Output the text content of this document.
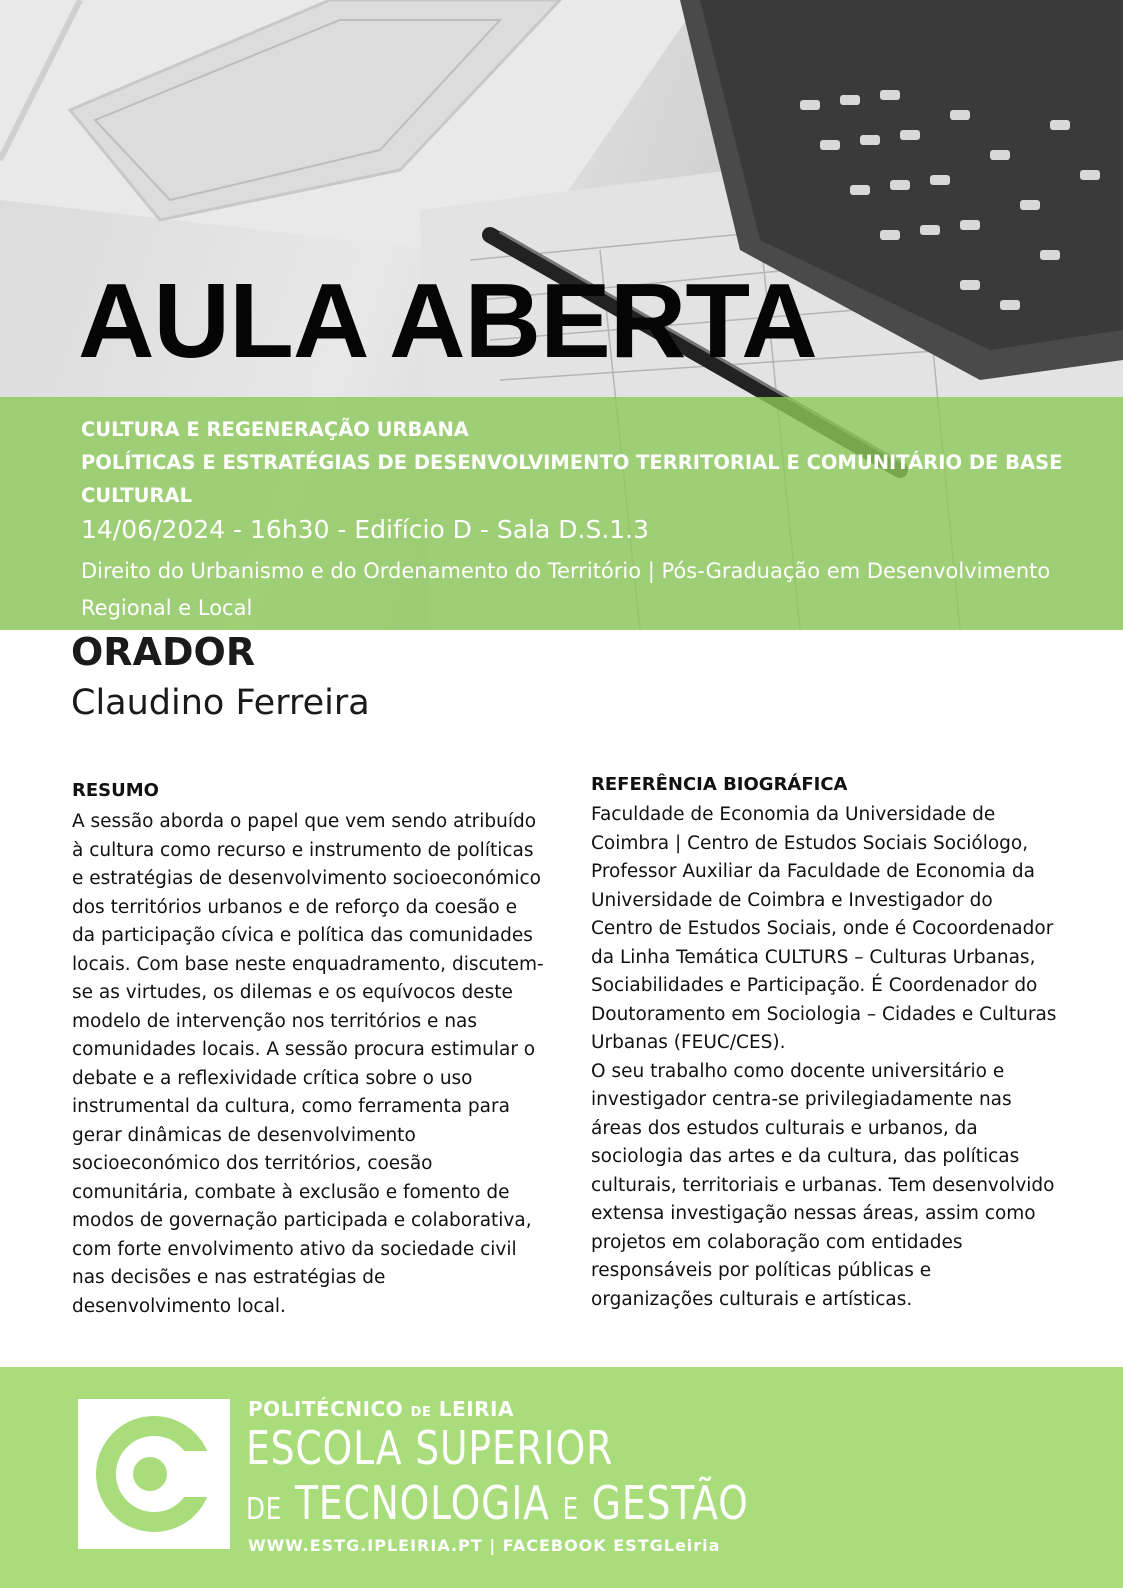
AULA ABERTA
CULTURA E REGENERAÇÃO URBANA
POLÍTICAS E ESTRATÉGIAS DE DESENVOLVIMENTO TERRITORIAL E COMUNITÁRIO DE BASE CULTURAL
14/06/2024 - 16h30 - Edifício D - Sala D.S.1.3
Direito do Urbanismo e do Ordenamento do Território | Pós-Graduação em Desenvolvimento Regional e Local
ORADOR
Claudino Ferreira
RESUMO

A sessão aborda o papel que vem sendo atribuído à cultura como recurso e instrumento de políticas e estratégias de desenvolvimento socioeconómico dos territórios urbanos e de reforço da coesão e da participação cívica e política das comunidades locais. Com base neste enquadramento, discutem-se as virtudes, os dilemas e os equívocos deste modelo de intervenção nos territórios e nas comunidades locais. A sessão procura estimular o debate e a reflexividade crítica sobre o uso instrumental da cultura, como ferramenta para gerar dinâmicas de desenvolvimento socioeconómico dos territórios, coesão comunitária, combate à exclusão e fomento de modos de governação participada e colaborativa, com forte envolvimento ativo da sociedade civil nas decisões e nas estratégias de desenvolvimento local.

REFERÊNCIA BIOGRÁFICA

Faculdade de Economia da Universidade de Coimbra | Centro de Estudos Sociais Sociólogo, Professor Auxiliar da Faculdade de Economia da Universidade de Coimbra e Investigador do Centro de Estudos Sociais, onde é Cocoordenador da Linha Temática CULTURS – Culturas Urbanas, Sociabilidades e Participação. É Coordenador do Doutoramento em Sociologia – Cidades e Culturas Urbanas (FEUC/CES).

O seu trabalho como docente universitário e investigador centra-se privilegiadamente nas áreas dos estudos culturais e urbanos, da sociologia das artes e da cultura, das políticas culturais, territoriais e urbanas. Tem desenvolvido extensa investigação nessas áreas, assim como projetos em colaboração com entidades responsáveis por políticas públicas e organizações culturais e artísticas.

POLITÉCNICO DE LEIRIA
ESCOLA SUPERIOR
DE TECNOLOGIA E GESTÃO
WWW.ESTG.IPLEIRIA.PT | FACEBOOK ESTGLeiria
